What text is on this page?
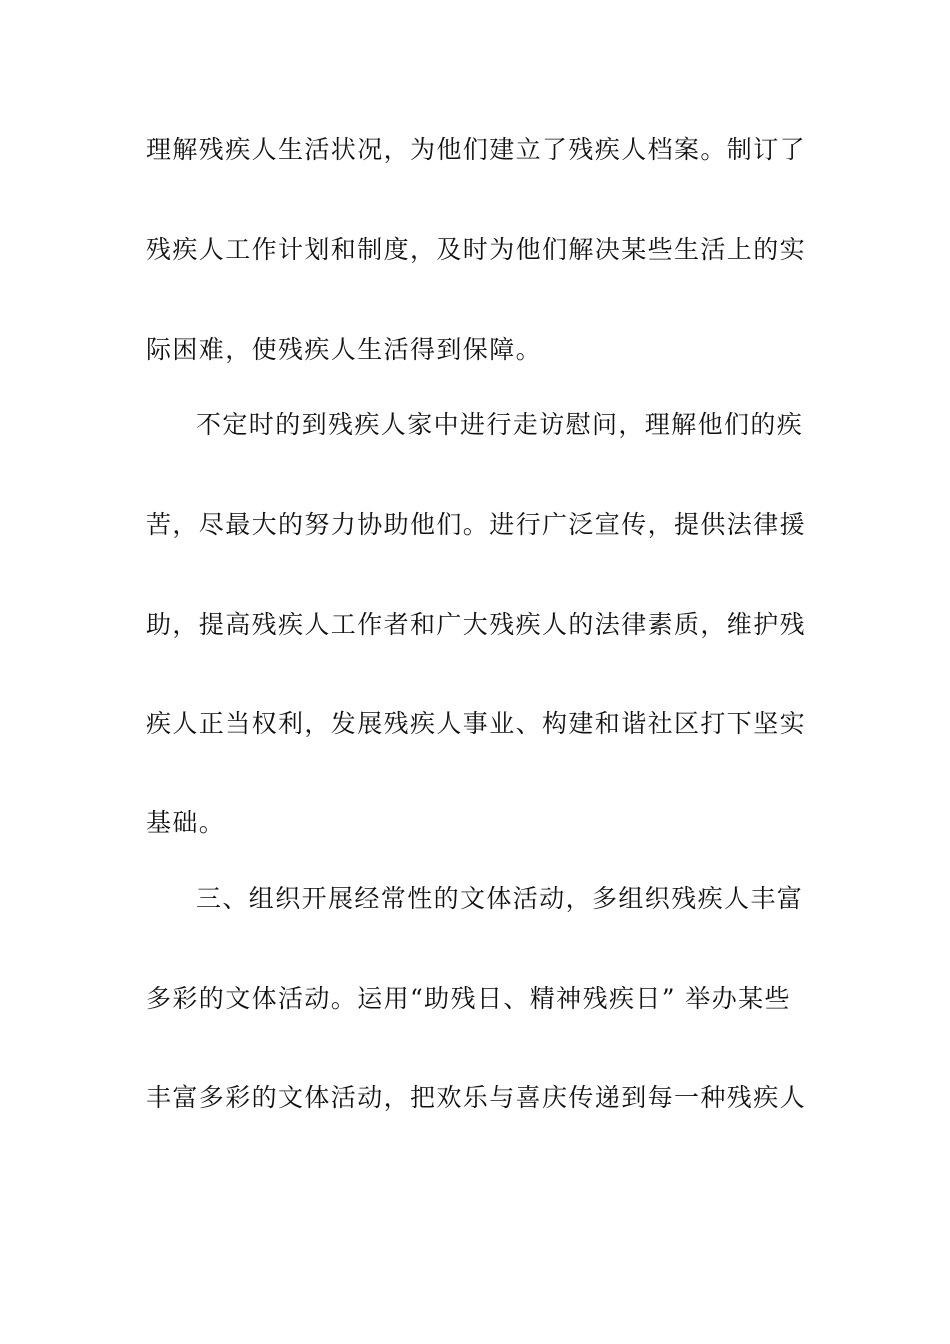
理解残疾人生活状况，为他们建立了残疾人档案。制订了
残疾人工作计划和制度，及时为他们解决某些生活上的实
际困难，使残疾人生活得到保障。
不定时的到残疾人家中进行走访慰问，理解他们的疾
苦，尽最大的努力协助他们。进行广泛宣传，提供法律援
助，提高残疾人工作者和广大残疾人的法律素质，维护残
疾人正当权利，发展残疾人事业、构建和谐社区打下坚实
基础。
三、组织开展经常性的文体活动，多组织残疾人丰富
多彩的文体活动。运用“助残日、精神残疾日” 举办某些
丰富多彩的文体活动，把欢乐与喜庆传递到每一种残疾人
